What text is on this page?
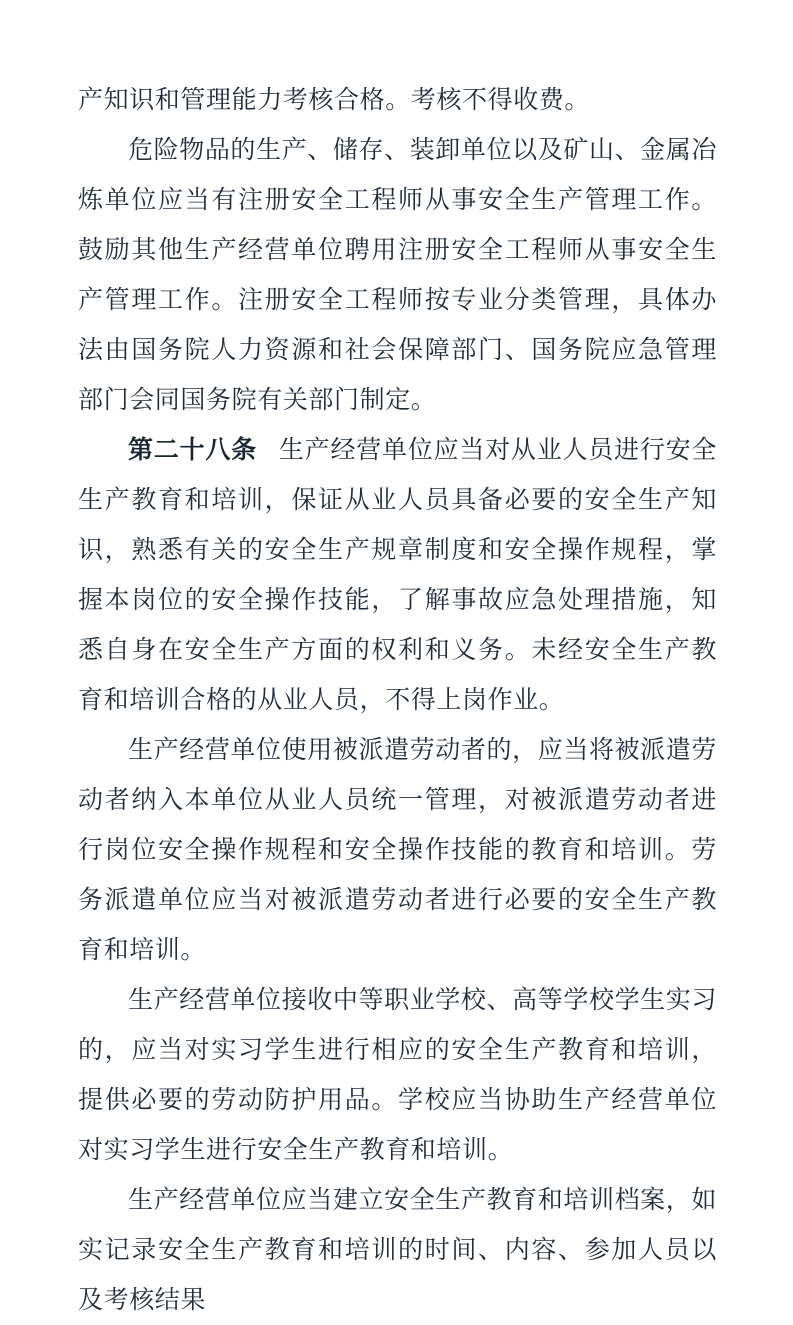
产知识和管理能力考核合格。考核不得收费。

危险物品的生产、储存、装卸单位以及矿山、金属冶炼单位应当有注册安全工程师从事安全生产管理工作。鼓励其他生产经营单位聘用注册安全工程师从事安全生产管理工作。注册安全工程师按专业分类管理，具体办法由国务院人力资源和社会保障部门、国务院应急管理部门会同国务院有关部门制定。

第二十八条 生产经营单位应当对从业人员进行安全生产教育和培训，保证从业人员具备必要的安全生产知识，熟悉有关的安全生产规章制度和安全操作规程，掌握本岗位的安全操作技能，了解事故应急处理措施，知悉自身在安全生产方面的权利和义务。未经安全生产教育和培训合格的从业人员，不得上岗作业。

生产经营单位使用被派遣劳动者的，应当将被派遣劳动者纳入本单位从业人员统一管理，对被派遣劳动者进行岗位安全操作规程和安全操作技能的教育和培训。劳务派遣单位应当对被派遣劳动者进行必要的安全生产教育和培训。

生产经营单位接收中等职业学校、高等学校学生实习的，应当对实习学生进行相应的安全生产教育和培训，提供必要的劳动防护用品。学校应当协助生产经营单位对实习学生进行安全生产教育和培训。

生产经营单位应当建立安全生产教育和培训档案，如实记录安全生产教育和培训的时间、内容、参加人员以及考核结果
